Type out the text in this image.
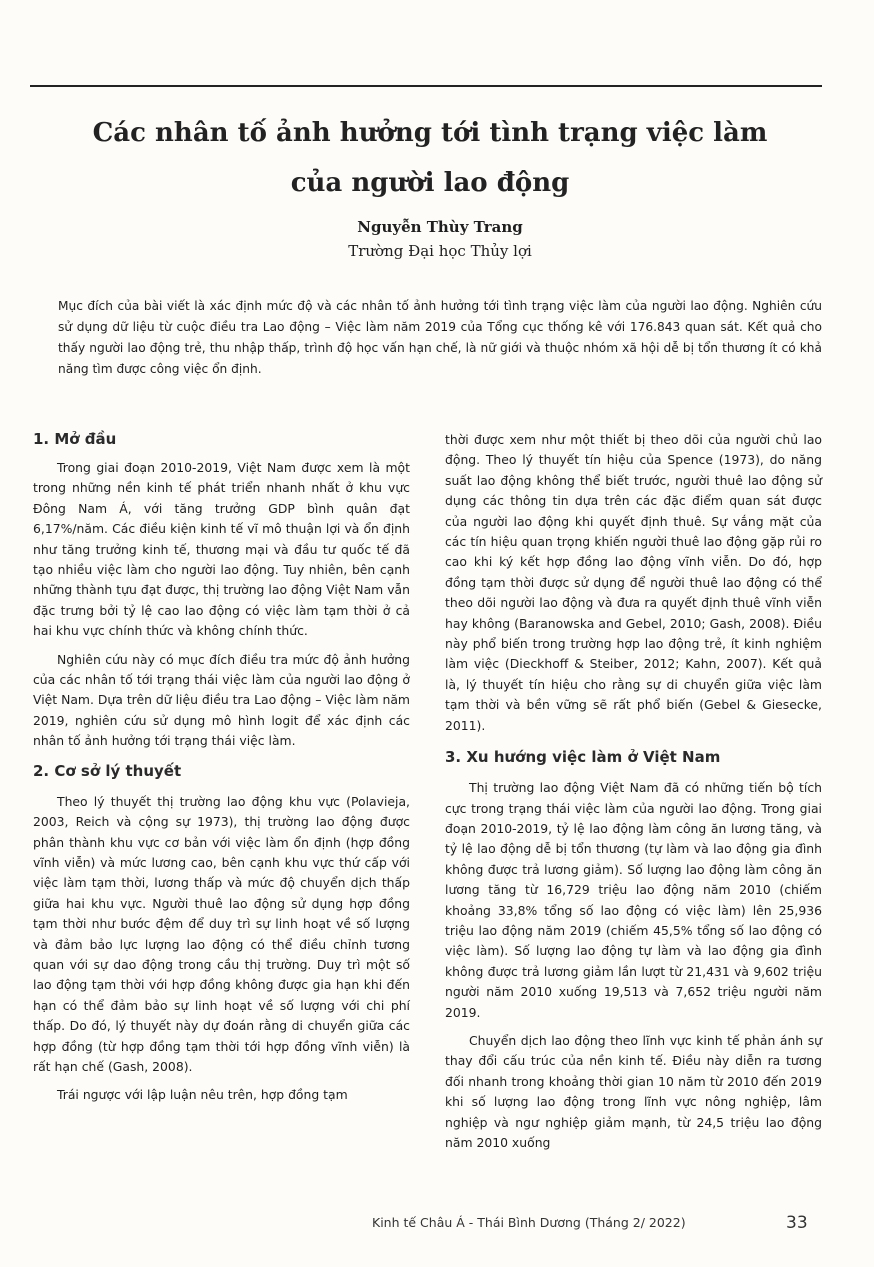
Các nhân tố ảnh hưởng tới tình trạng việc làm
của người lao động
Nguyễn Thùy Trang
Trường Đại học Thủy lợi
Mục đích của bài viết là xác định mức độ và các nhân tố ảnh hưởng tới tình trạng việc làm của người lao động. Nghiên cứu sử dụng dữ liệu từ cuộc điều tra Lao động – Việc làm năm 2019 của Tổng cục thống kê với 176.843 quan sát. Kết quả cho thấy người lao động trẻ, thu nhập thấp, trình độ học vấn hạn chế, là nữ giới và thuộc nhóm xã hội dễ bị tổn thương ít có khả năng tìm được công việc ổn định.
1. Mở đầu

Trong giai đoạn 2010-2019, Việt Nam được xem là một trong những nền kinh tế phát triển nhanh nhất ở khu vực Đông Nam Á, với tăng trưởng GDP bình quân đạt 6,17%/năm. Các điều kiện kinh tế vĩ mô thuận lợi và ổn định như tăng trưởng kinh tế, thương mại và đầu tư quốc tế đã tạo nhiều việc làm cho người lao động. Tuy nhiên, bên cạnh những thành tựu đạt được, thị trường lao động Việt Nam vẫn đặc trưng bởi tỷ lệ cao lao động có việc làm tạm thời ở cả hai khu vực chính thức và không chính thức.

Nghiên cứu này có mục đích điều tra mức độ ảnh hưởng của các nhân tố tới trạng thái việc làm của người lao động ở Việt Nam. Dựa trên dữ liệu điều tra Lao động – Việc làm năm 2019, nghiên cứu sử dụng mô hình logit để xác định các nhân tố ảnh hưởng tới trạng thái việc làm.

2. Cơ sở lý thuyết

Theo lý thuyết thị trường lao động khu vực (Polavieja, 2003, Reich và cộng sự 1973), thị trường lao động được phân thành khu vực cơ bản với việc làm ổn định (hợp đồng vĩnh viễn) và mức lương cao, bên cạnh khu vực thứ cấp với việc làm tạm thời, lương thấp và mức độ chuyển dịch thấp giữa hai khu vực. Người thuê lao động sử dụng hợp đồng tạm thời như bước đệm để duy trì sự linh hoạt về số lượng và đảm bảo lực lượng lao động có thể điều chỉnh tương quan với sự dao động trong cầu thị trường. Duy trì một số lao động tạm thời với hợp đồng không được gia hạn khi đến hạn có thể đảm bảo sự linh hoạt về số lượng với chi phí thấp. Do đó, lý thuyết này dự đoán rằng di chuyển giữa các hợp đồng (từ hợp đồng tạm thời tới hợp đồng vĩnh viễn) là rất hạn chế (Gash, 2008).

Trái ngược với lập luận nêu trên, hợp đồng tạm

thời được xem như một thiết bị theo dõi của người chủ lao động. Theo lý thuyết tín hiệu của Spence (1973), do năng suất lao động không thể biết trước, người thuê lao động sử dụng các thông tin dựa trên các đặc điểm quan sát được của người lao động khi quyết định thuê. Sự vắng mặt của các tín hiệu quan trọng khiến người thuê lao động gặp rủi ro cao khi ký kết hợp đồng lao động vĩnh viễn. Do đó, hợp đồng tạm thời được sử dụng để người thuê lao động có thể theo dõi người lao động và đưa ra quyết định thuê vĩnh viễn hay không (Baranowska and Gebel, 2010; Gash, 2008). Điều này phổ biến trong trường hợp lao động trẻ, ít kinh nghiệm làm việc (Dieckhoff & Steiber, 2012; Kahn, 2007). Kết quả là, lý thuyết tín hiệu cho rằng sự di chuyển giữa việc làm tạm thời và bền vững sẽ rất phổ biến (Gebel & Giesecke, 2011).

3. Xu hướng việc làm ở Việt Nam

Thị trường lao động Việt Nam đã có những tiến bộ tích cực trong trạng thái việc làm của người lao động. Trong giai đoạn 2010-2019, tỷ lệ lao động làm công ăn lương tăng, và tỷ lệ lao động dễ bị tổn thương (tự làm và lao động gia đình không được trả lương giảm). Số lượng lao động làm công ăn lương tăng từ 16,729 triệu lao động năm 2010 (chiếm khoảng 33,8% tổng số lao động có việc làm) lên 25,936 triệu lao động năm 2019 (chiếm 45,5% tổng số lao động có việc làm). Số lượng lao động tự làm và lao động gia đình không được trả lương giảm lần lượt từ 21,431 và 9,602 triệu người năm 2010 xuống 19,513 và 7,652 triệu người năm 2019.

Chuyển dịch lao động theo lĩnh vực kinh tế phản ánh sự thay đổi cấu trúc của nền kinh tế. Điều này diễn ra tương đối nhanh trong khoảng thời gian 10 năm từ 2010 đến 2019 khi số lượng lao động trong lĩnh vực nông nghiệp, lâm nghiệp và ngư nghiệp giảm mạnh, từ 24,5 triệu lao động năm 2010 xuống

Kinh tế Châu Á - Thái Bình Dương (Tháng 2/ 2022)	33
